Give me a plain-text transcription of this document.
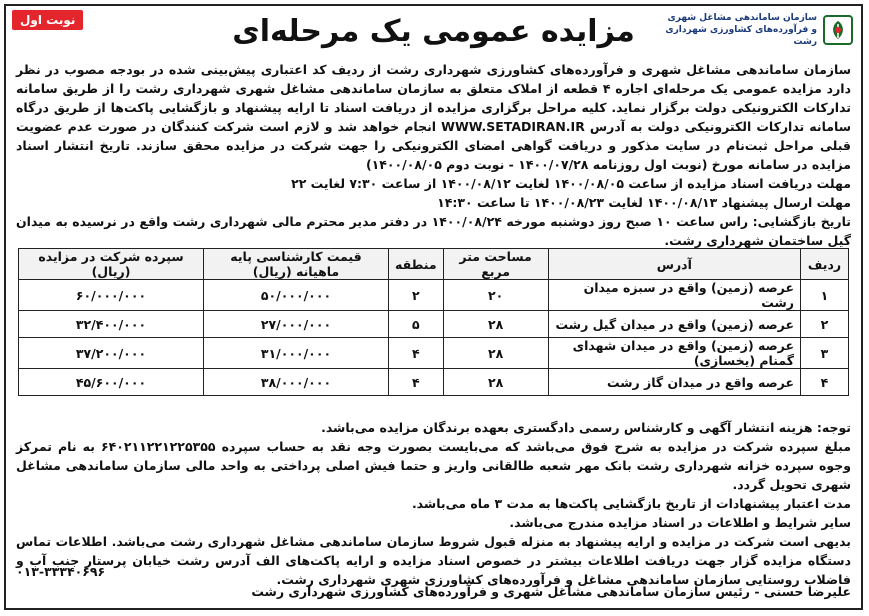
سازمان ساماندهی مشاغل شهری
و فرآورده‌های کشاورزی شهرداری رشت
مزایده عمومی یک مرحله‌ای
نوبت اول

سازمان ساماندهی مشاغل شهری و فرآورده‌های کشاورزی شهرداری رشت از ردیف کد اعتباری پیش‌بینی شده در بودجه مصوب در نظر دارد مزایده عمومی یک مرحله‌ای اجاره ۴ قطعه از املاک متعلق به سازمان ساماندهی مشاغل شهری شهرداری رشت را از طریق سامانه تدارکات الکترونیکی دولت برگزار نماید. کلیه مراحل برگزاری مزایده از دریافت اسناد تا ارایه پیشنهاد و بازگشایی پاکت‌ها از طریق درگاه سامانه تدارکات الکترونیکی دولت به آدرس WWW.SETADIRAN.IR انجام خواهد شد و لازم است شرکت کنندگان در صورت عدم عضویت قبلی مراحل ثبت‌نام در سایت مذکور و دریافت گواهی امضای الکترونیکی را جهت شرکت در مزایده محقق سازند. تاریخ انتشار اسناد مزایده در سامانه مورخ (نوبت اول روزنامه ۱۴۰۰/۰۷/۲۸ - نوبت دوم ۱۴۰۰/۰۸/۰۵)

مهلت دریافت اسناد مزایده از ساعت ۱۴۰۰/۰۸/۰۵ لغایت ۱۴۰۰/۰۸/۱۲ از ساعت ۷:۳۰ لغایت ۲۲

مهلت ارسال پیشنهاد ۱۴۰۰/۰۸/۱۳ لغایت ۱۴۰۰/۰۸/۲۳ تا ساعت ۱۴:۳۰

تاریخ بازگشایی: راس ساعت ۱۰ صبح روز دوشنبه مورخه ۱۴۰۰/۰۸/۲۴ در دفتر مدیر محترم مالی شهرداری رشت واقع در نرسیده به میدان گیل ساختمان شهرداری رشت.

ردیف	آدرس	مساحت متر مربع	منطقه	قیمت کارشناسی پایه ماهیانه (ریال)	سپرده شرکت در مزایده (ریال)
۱	عرصه (زمین) واقع در سبزه میدان رشت	۲۰	۲	۵۰/۰۰۰/۰۰۰	۶۰/۰۰۰/۰۰۰
۲	عرصه (زمین) واقع در میدان گیل رشت	۲۸	۵	۲۷/۰۰۰/۰۰۰	۳۲/۴۰۰/۰۰۰
۳	عرصه (زمین) واقع در میدان شهدای گمنام (یخسازی)	۲۸	۴	۳۱/۰۰۰/۰۰۰	۳۷/۲۰۰/۰۰۰
۴	عرصه واقع در میدان گاز رشت	۲۸	۴	۳۸/۰۰۰/۰۰۰	۴۵/۶۰۰/۰۰۰

توجه: هزینه انتشار آگهی و کارشناس رسمی دادگستری بعهده برندگان مزایده می‌باشد.

مبلغ سپرده شرکت در مزایده به شرح فوق می‌باشد که می‌بایست بصورت وجه نقد به حساب سپرده ۶۴۰۲۱۱۲۲۱۲۲۵۳۵۵ به نام تمرکز وجوه سپرده خزانه شهرداری رشت بانک مهر شعبه طالقانی واریز و حتما فیش اصلی پرداختی به واحد مالی سازمان ساماندهی مشاغل شهری تحویل گردد.

مدت اعتبار پیشنهادات از تاریخ بازگشایی پاکت‌ها به مدت ۳ ماه می‌باشد.

سایر شرایط و اطلاعات در اسناد مزایده مندرج می‌باشد.

بدیهی است شرکت در مزایده و ارایه پیشنهاد به منزله قبول شروط سازمان ساماندهی مشاغل شهرداری رشت می‌باشد. اطلاعات تماس دستگاه مزایده گزار جهت دریافت اطلاعات بیشتر در خصوص اسناد مزایده و ارایه پاکت‌های الف آدرس رشت خیابان پرستار جنب آب و فاضلاب روستایی سازمان ساماندهی مشاغل و فرآورده‌های کشاورزی شهری شهرداری رشت.

۰۱۳-۳۳۳۴۰۶۹۶

علیرضا حسنی - رئیس سازمان ساماندهی مشاغل شهری و فرآورده‌های کشاورزی شهرداری رشت
